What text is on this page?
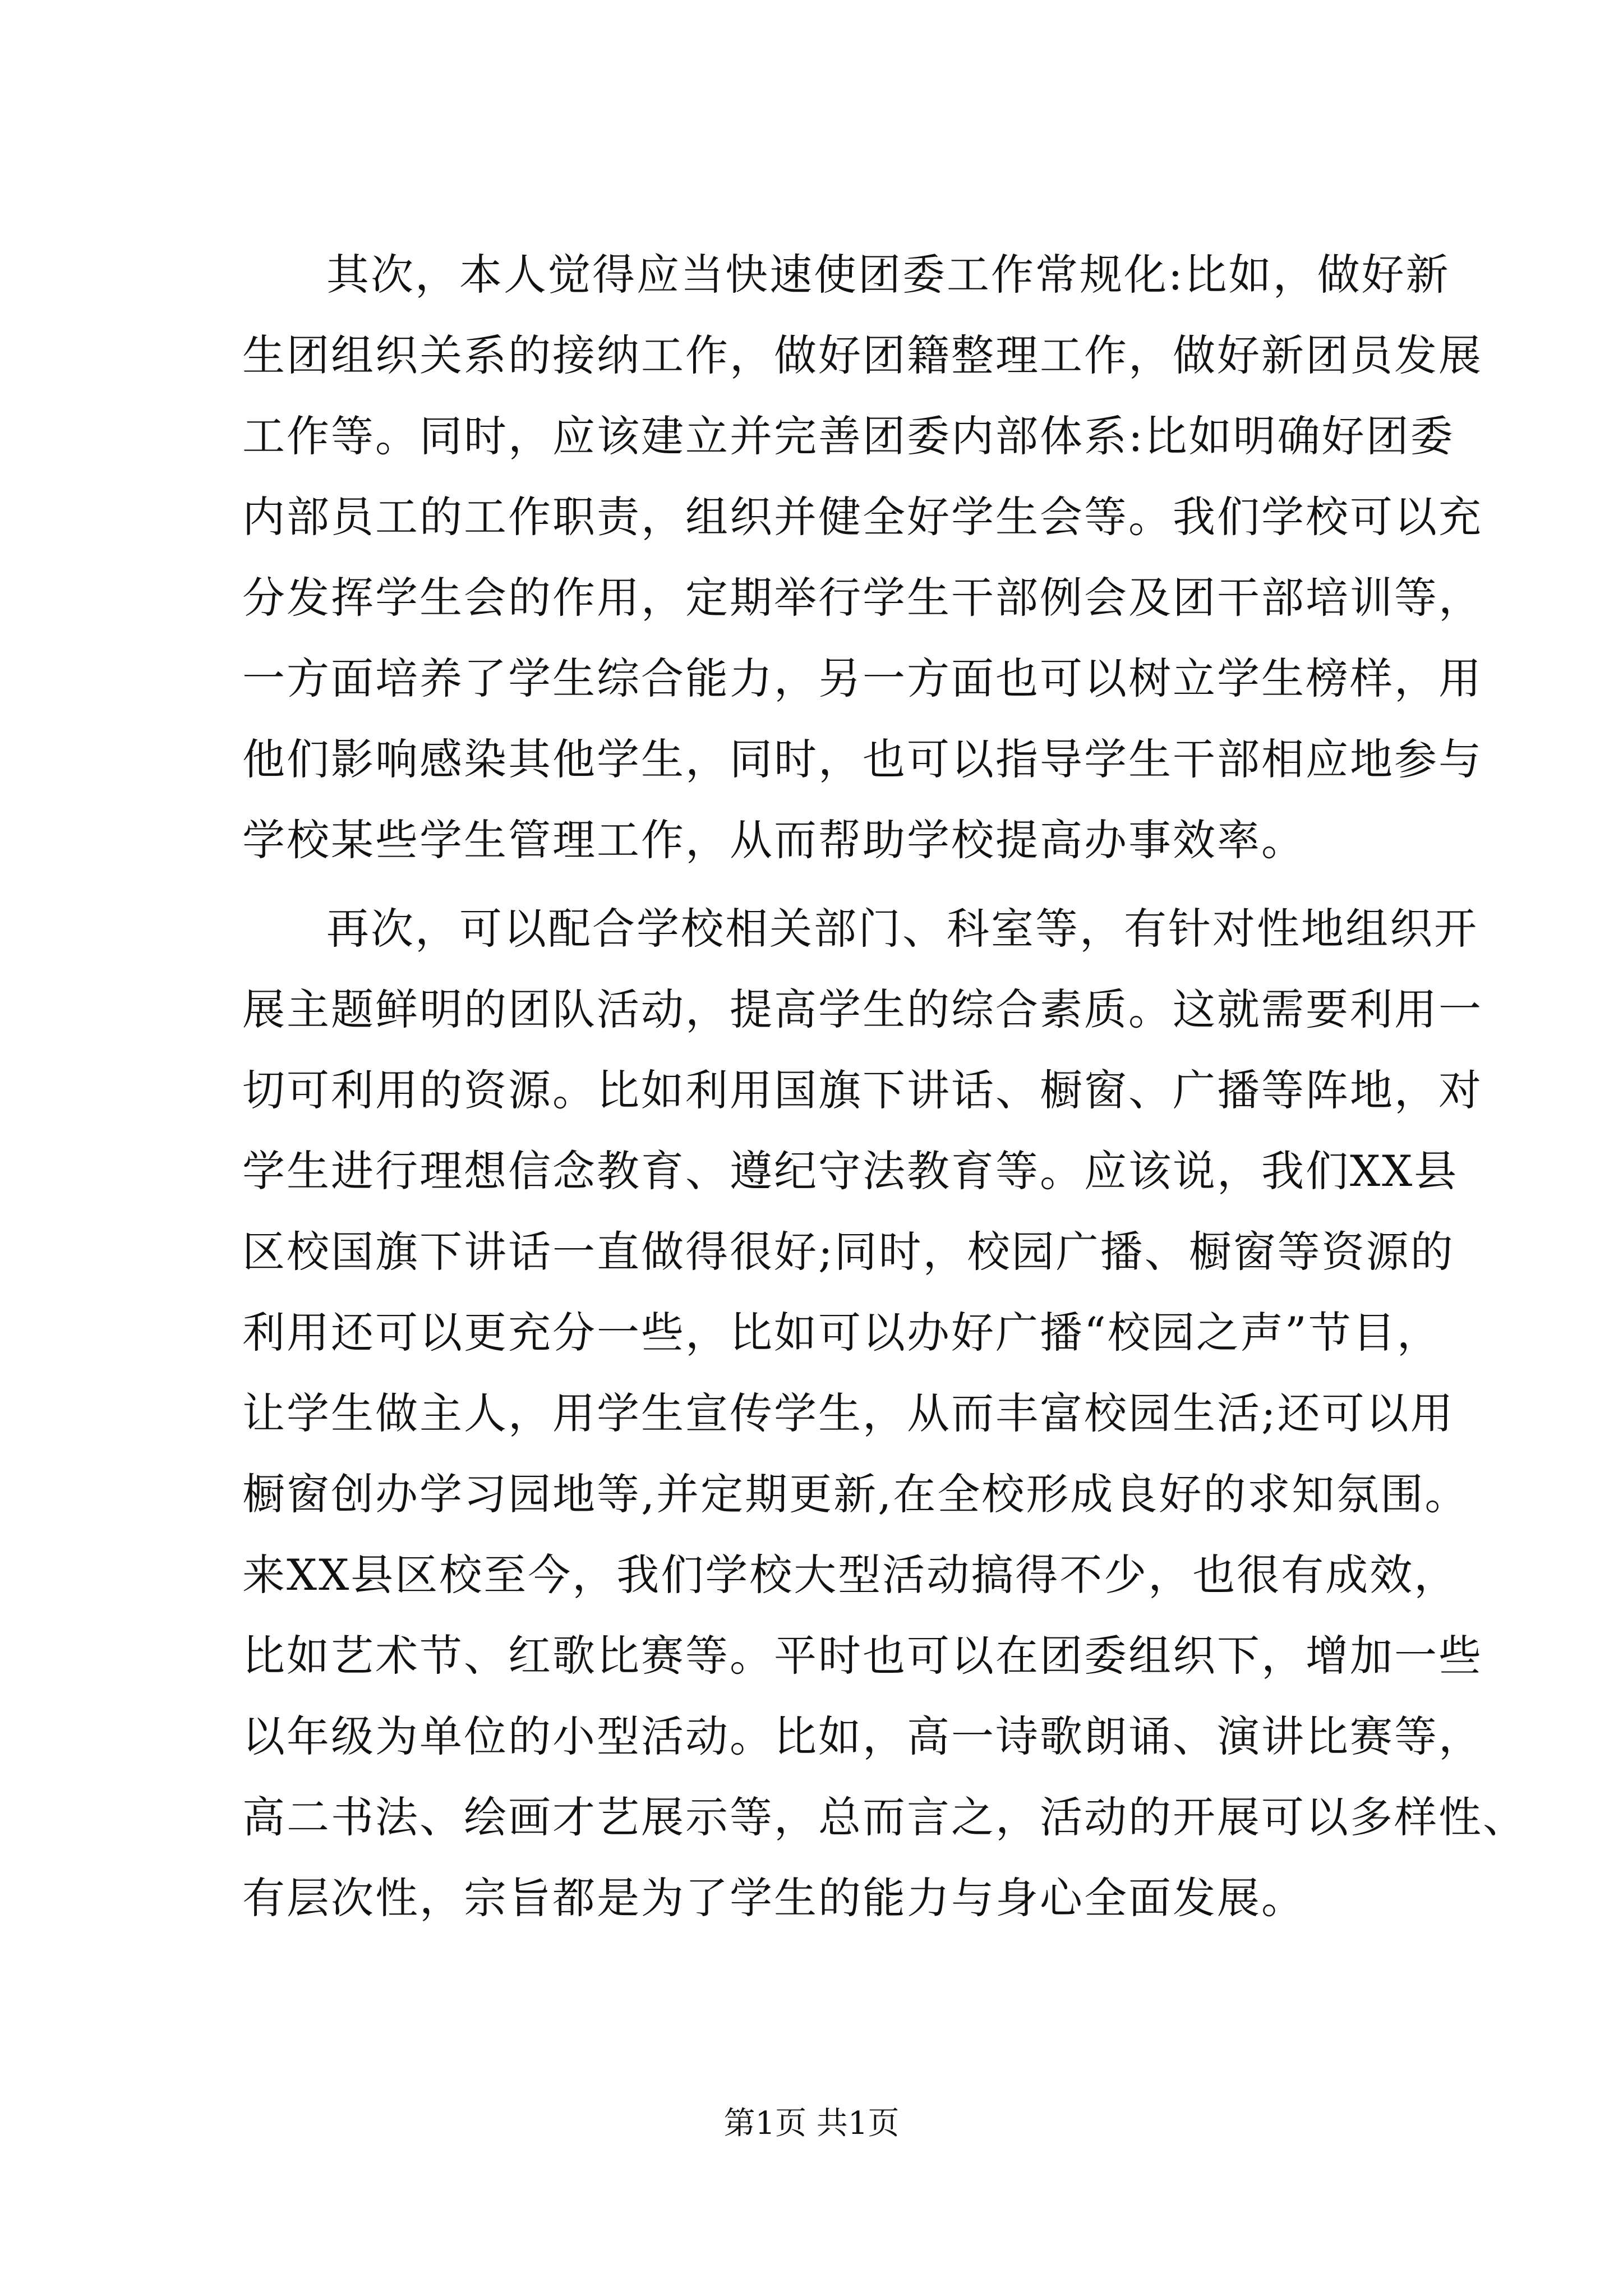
其次，本人觉得应当快速使团委工作常规化:比如，做好新
生团组织关系的接纳工作，做好团籍整理工作，做好新团员发展
工作等。同时，应该建立并完善团委内部体系:比如明确好团委
内部员工的工作职责，组织并健全好学生会等。我们学校可以充
分发挥学生会的作用，定期举行学生干部例会及团干部培训等，
一方面培养了学生综合能力，另一方面也可以树立学生榜样，用
他们影响感染其他学生，同时，也可以指导学生干部相应地参与
学校某些学生管理工作，从而帮助学校提高办事效率。
再次，可以配合学校相关部门、科室等，有针对性地组织开
展主题鲜明的团队活动，提高学生的综合素质。这就需要利用一
切可利用的资源。比如利用国旗下讲话、橱窗、广播等阵地，对
学生进行理想信念教育、遵纪守法教育等。应该说，我们XX县
区校国旗下讲话一直做得很好;同时，校园广播、橱窗等资源的
利用还可以更充分一些，比如可以办好广播“校园之声”节目，
让学生做主人，用学生宣传学生，从而丰富校园生活;还可以用
橱窗创办学习园地等,并定期更新,在全校形成良好的求知氛围。
来XX县区校至今，我们学校大型活动搞得不少，也很有成效，
比如艺术节、红歌比赛等。平时也可以在团委组织下，增加一些
以年级为单位的小型活动。比如，高一诗歌朗诵、演讲比赛等，
高二书法、绘画才艺展示等，总而言之，活动的开展可以多样性、
有层次性，宗旨都是为了学生的能力与身心全面发展。
第1页 共1页
